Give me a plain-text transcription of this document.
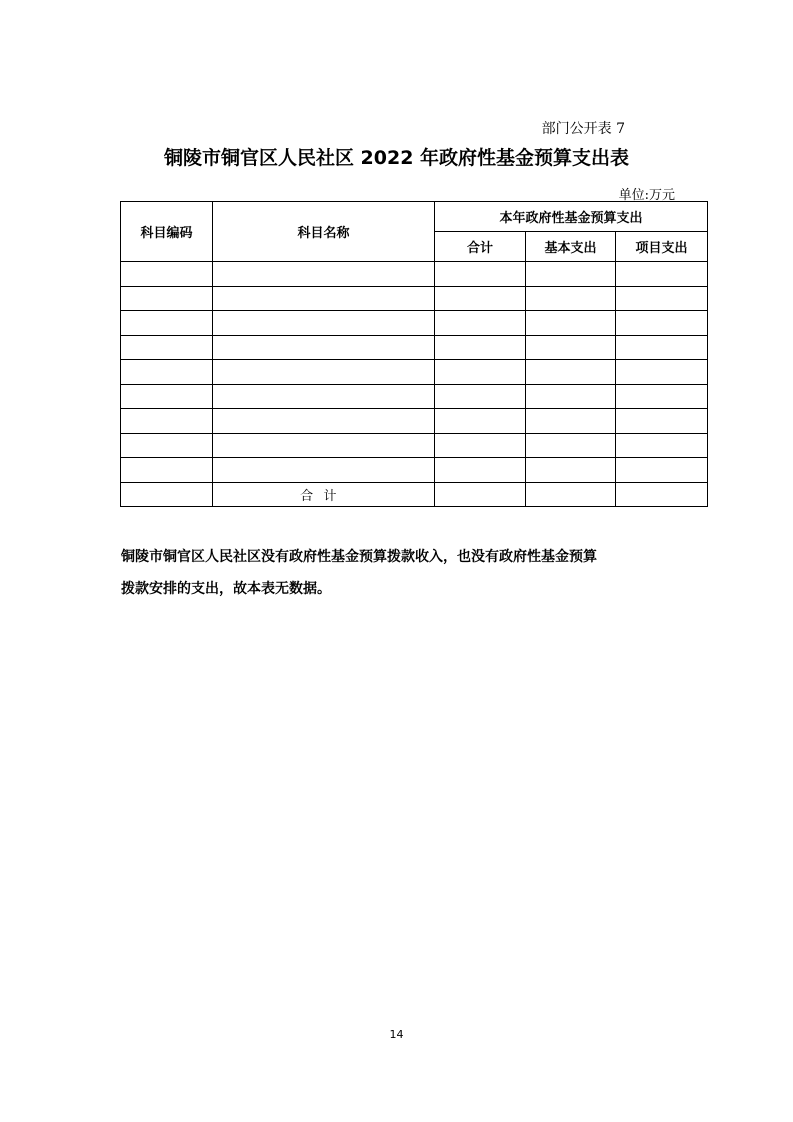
部门公开表 7
铜陵市铜官区人民社区 2022 年政府性基金预算支出表
单位:万元
科目编码	科目名称	本年政府性基金预算支出		
		合计	基本支出	项目支出

	合计			
铜陵市铜官区人民社区没有政府性基金预算拨款收入，也没有政府性基金预算
拨款安排的支出，故本表无数据。
14
